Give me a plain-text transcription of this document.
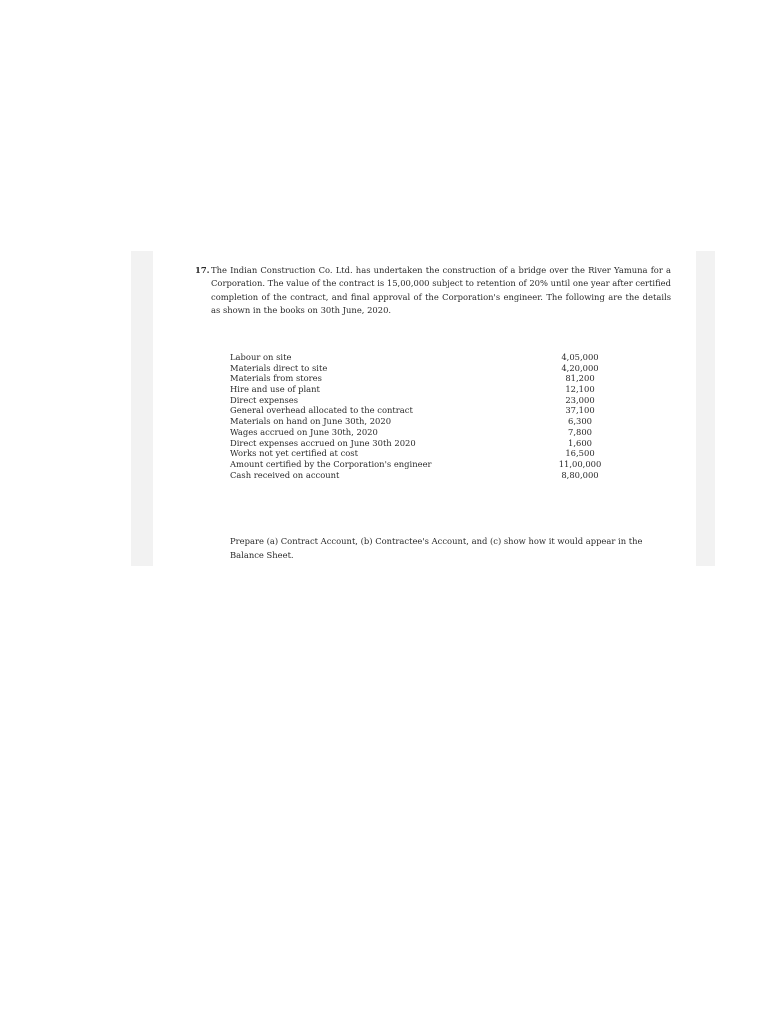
17. The Indian Construction Co. Ltd. has undertaken the construction of a bridge over the River Yamuna for a Corporation. The value of the contract is 15,00,000 subject to retention of 20% until one year after certified completion of the contract, and final approval of the Corporation's engineer. The following are the details as shown in the books on 30th June, 2020.
Labour on site	4,05,000
Materials direct to site	4,20,000
Materials from stores	81,200
Hire and use of plant	12,100
Direct expenses	23,000
General overhead allocated to the contract	37,100
Materials on hand on June 30th, 2020	6,300
Wages accrued on June 30th, 2020	7,800
Direct expenses accrued on June 30th 2020	1,600
Works not yet certified at cost	16,500
Amount certified by the Corporation's engineer	11,00,000
Cash received on account	8,80,000
Prepare (a) Contract Account, (b) Contractee's Account, and (c) show how it would appear in the Balance Sheet.
